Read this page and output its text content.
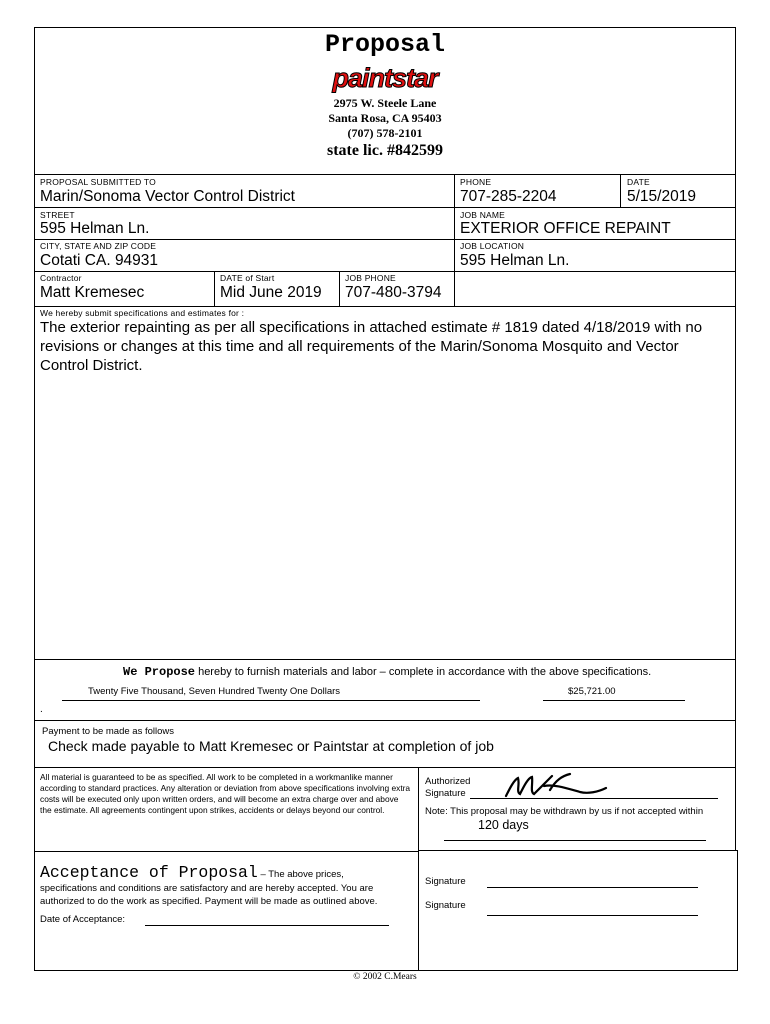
Proposal
paintstar
2975 W. Steele Lane
Santa Rosa, CA 95403
(707) 578-2101
state lic. #842599
PROPOSAL SUBMITTED TO
Marin/Sonoma Vector Control District
PHONE
707-285-2204
DATE
5/15/2019
STREET
595 Helman Ln.
JOB NAME
EXTERIOR OFFICE REPAINT
CITY, STATE AND ZIP CODE
Cotati CA. 94931
JOB LOCATION
595 Helman Ln.
Contractor
Matt Kremesec
DATE of Start
Mid June 2019
JOB PHONE
707-480-3794
We hereby submit specifications and estimates for :
The exterior repainting as per all specifications in attached estimate # 1819 dated 4/18/2019 with no revisions or changes at this time and all requirements of the Marin/Sonoma Mosquito and Vector Control District.
We Propose hereby to furnish materials and labor – complete in accordance with the above specifications.
Twenty Five Thousand, Seven Hundred Twenty One Dollars	$25,721.00
.
Payment to be made as follows
Check made payable to Matt Kremesec or Paintstar at completion of job
All material is guaranteed to be as specified. All work to be completed in a workmanlike manner according to standard practices. Any alteration or deviation from above specifications involving extra costs will be executed only upon written orders, and will become an extra charge over and above the estimate. All agreements contingent upon strikes, accidents or delays beyond our control.
Authorized
Signature
Note: This proposal may be withdrawn by us if not accepted within
120 days
Acceptance of Proposal – The above prices,
specifications and conditions are satisfactory and are hereby accepted. You are authorized to do the work as specified. Payment will be made as outlined above.
Date of Acceptance:
Signature
Signature
© 2002 C.Mears
